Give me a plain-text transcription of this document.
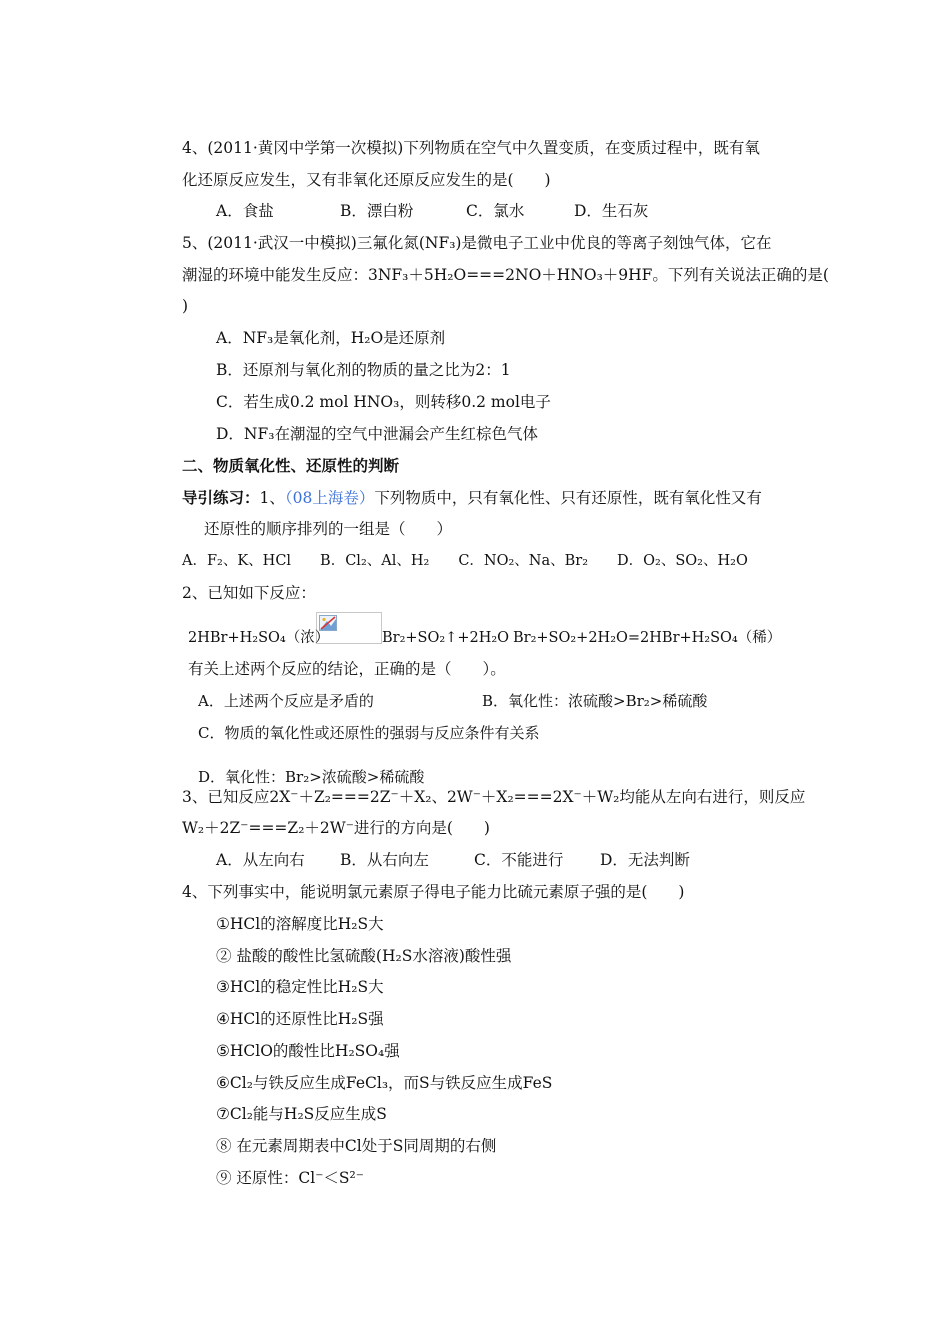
4、(2011·黄冈中学第一次模拟)下列物质在空气中久置变质，在变质过程中，既有氧
化还原反应发生，又有非氧化还原反应发生的是(　　)
A．食盐	B．漂白粉	C．氯水	D．生石灰
5、(2011·武汉一中模拟)三氟化氮(NF₃)是微电子工业中优良的等离子刻蚀气体，它在
潮湿的环境中能发生反应：3NF₃＋5H₂O===2NO＋HNO₃＋9HF。下列有关说法正确的是(
)
A．NF₃是氧化剂，H₂O是还原剂
B．还原剂与氧化剂的物质的量之比为2：1
C．若生成0.2 mol HNO₃，则转移0.2 mol电子
D．NF₃在潮湿的空气中泄漏会产生红棕色气体
二、物质氧化性、还原性的判断
导引练习：1、（08上海卷）下列物质中，只有氧化性、只有还原性，既有氧化性又有
还原性的顺序排列的一组是（　　）
A．F₂、K、HCl　　B．Cl₂、Al、H₂　　C．NO₂、Na、Br₂　　D．O₂、SO₂、H₂O
2、已知如下反应：
2HBr+H₂SO₄（浓）	Br₂+SO₂↑+2H₂O Br₂+SO₂+2H₂O=2HBr+H₂SO₄（稀）
有关上述两个反应的结论，正确的是（　　）。
A．上述两个反应是矛盾的	B．氧化性：浓硫酸>Br₂>稀硫酸
C．物质的氧化性或还原性的强弱与反应条件有关系
D．氧化性：Br₂>浓硫酸>稀硫酸
3、已知反应2X⁻＋Z₂===2Z⁻＋X₂、2W⁻＋X₂===2X⁻＋W₂均能从左向右进行，则反应
W₂＋2Z⁻===Z₂＋2W⁻进行的方向是(　　)
A．从左向右 B．从右向左	C．不能进行 D．无法判断
4、下列事实中，能说明氯元素原子得电子能力比硫元素原子强的是(　　)
①HCl的溶解度比H₂S大
② 盐酸的酸性比氢硫酸(H₂S水溶液)酸性强
③HCl的稳定性比H₂S大
④HCl的还原性比H₂S强
⑤HClO的酸性比H₂SO₄强
⑥Cl₂与铁反应生成FeCl₃，而S与铁反应生成FeS
⑦Cl₂能与H₂S反应生成S
⑧ 在元素周期表中Cl处于S同周期的右侧
⑨ 还原性：Cl⁻＜S²⁻
